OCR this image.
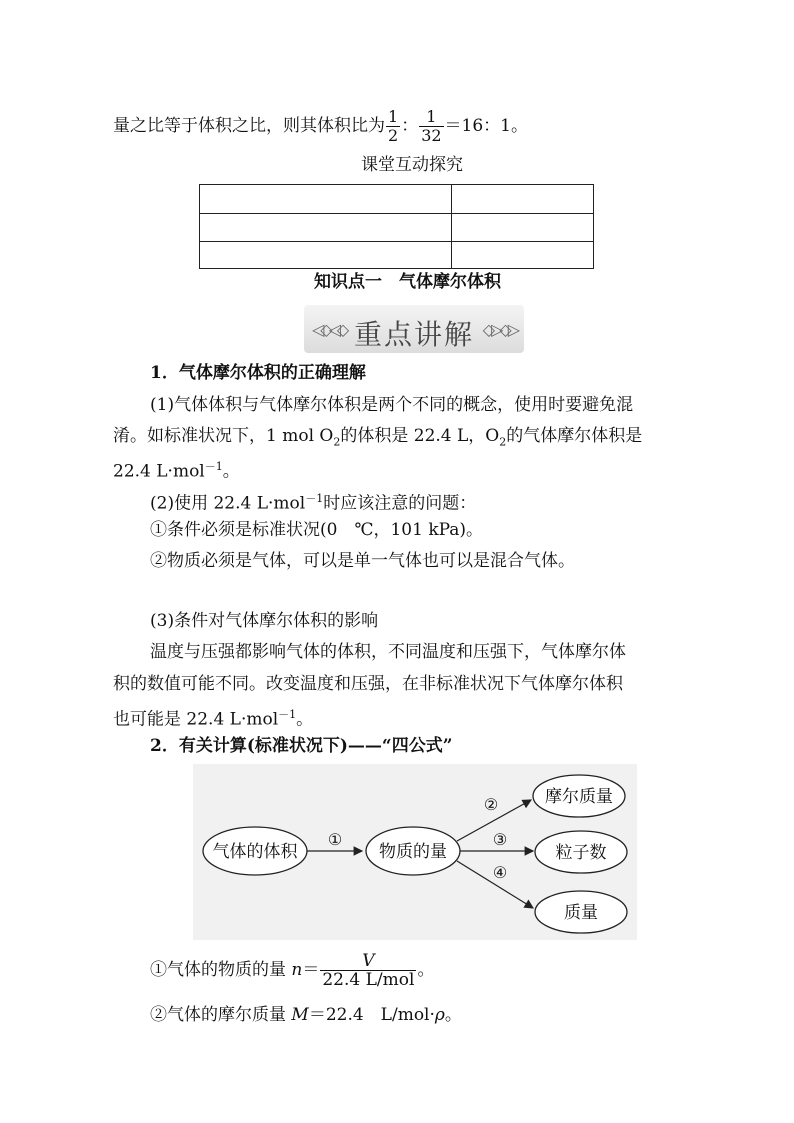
量之比等于体积之比，则其体积比为 $\frac{1}{2}$ ： $\frac{1}{32} =16$：1。
课堂互动探究
知识点一　气体摩尔体积
◁◇◁◇ 重点讲解 ◇▷◇▷
1．气体摩尔体积的正确理解
(1)气体体积与气体摩尔体积是两个不同的概念，使用时要避免混
淆。如标准状况下，1 mol $O_2$的体积是 22.4 L，$O_2$的气体摩尔体积是
22.4 L·mol$^{-1}$。
(2)使用 22.4 L·mol$^{-1}$时应该注意的问题：
①条件必须是标准状况(0　℃，101 kPa)。
②物质必须是气体，可以是单一气体也可以是混合气体。
(3)条件对气体摩尔体积的影响
温度与压强都影响气体的体积，不同温度和压强下，气体摩尔体
积的数值可能不同。改变温度和压强，在非标准状况下气体摩尔体积
也可能是 22.4 L·mol$^{-1}$。
2．有关计算(标准状况下)——“四公式”
气体的体积
①
物质的量
②
③
④
摩尔质量
粒子数
质量
①气体的物质的量 $n= \frac{V}{\text{22.4 L/mol}}$ 。
②气体的摩尔质量 M＝22.4　L/mol·ρ。
